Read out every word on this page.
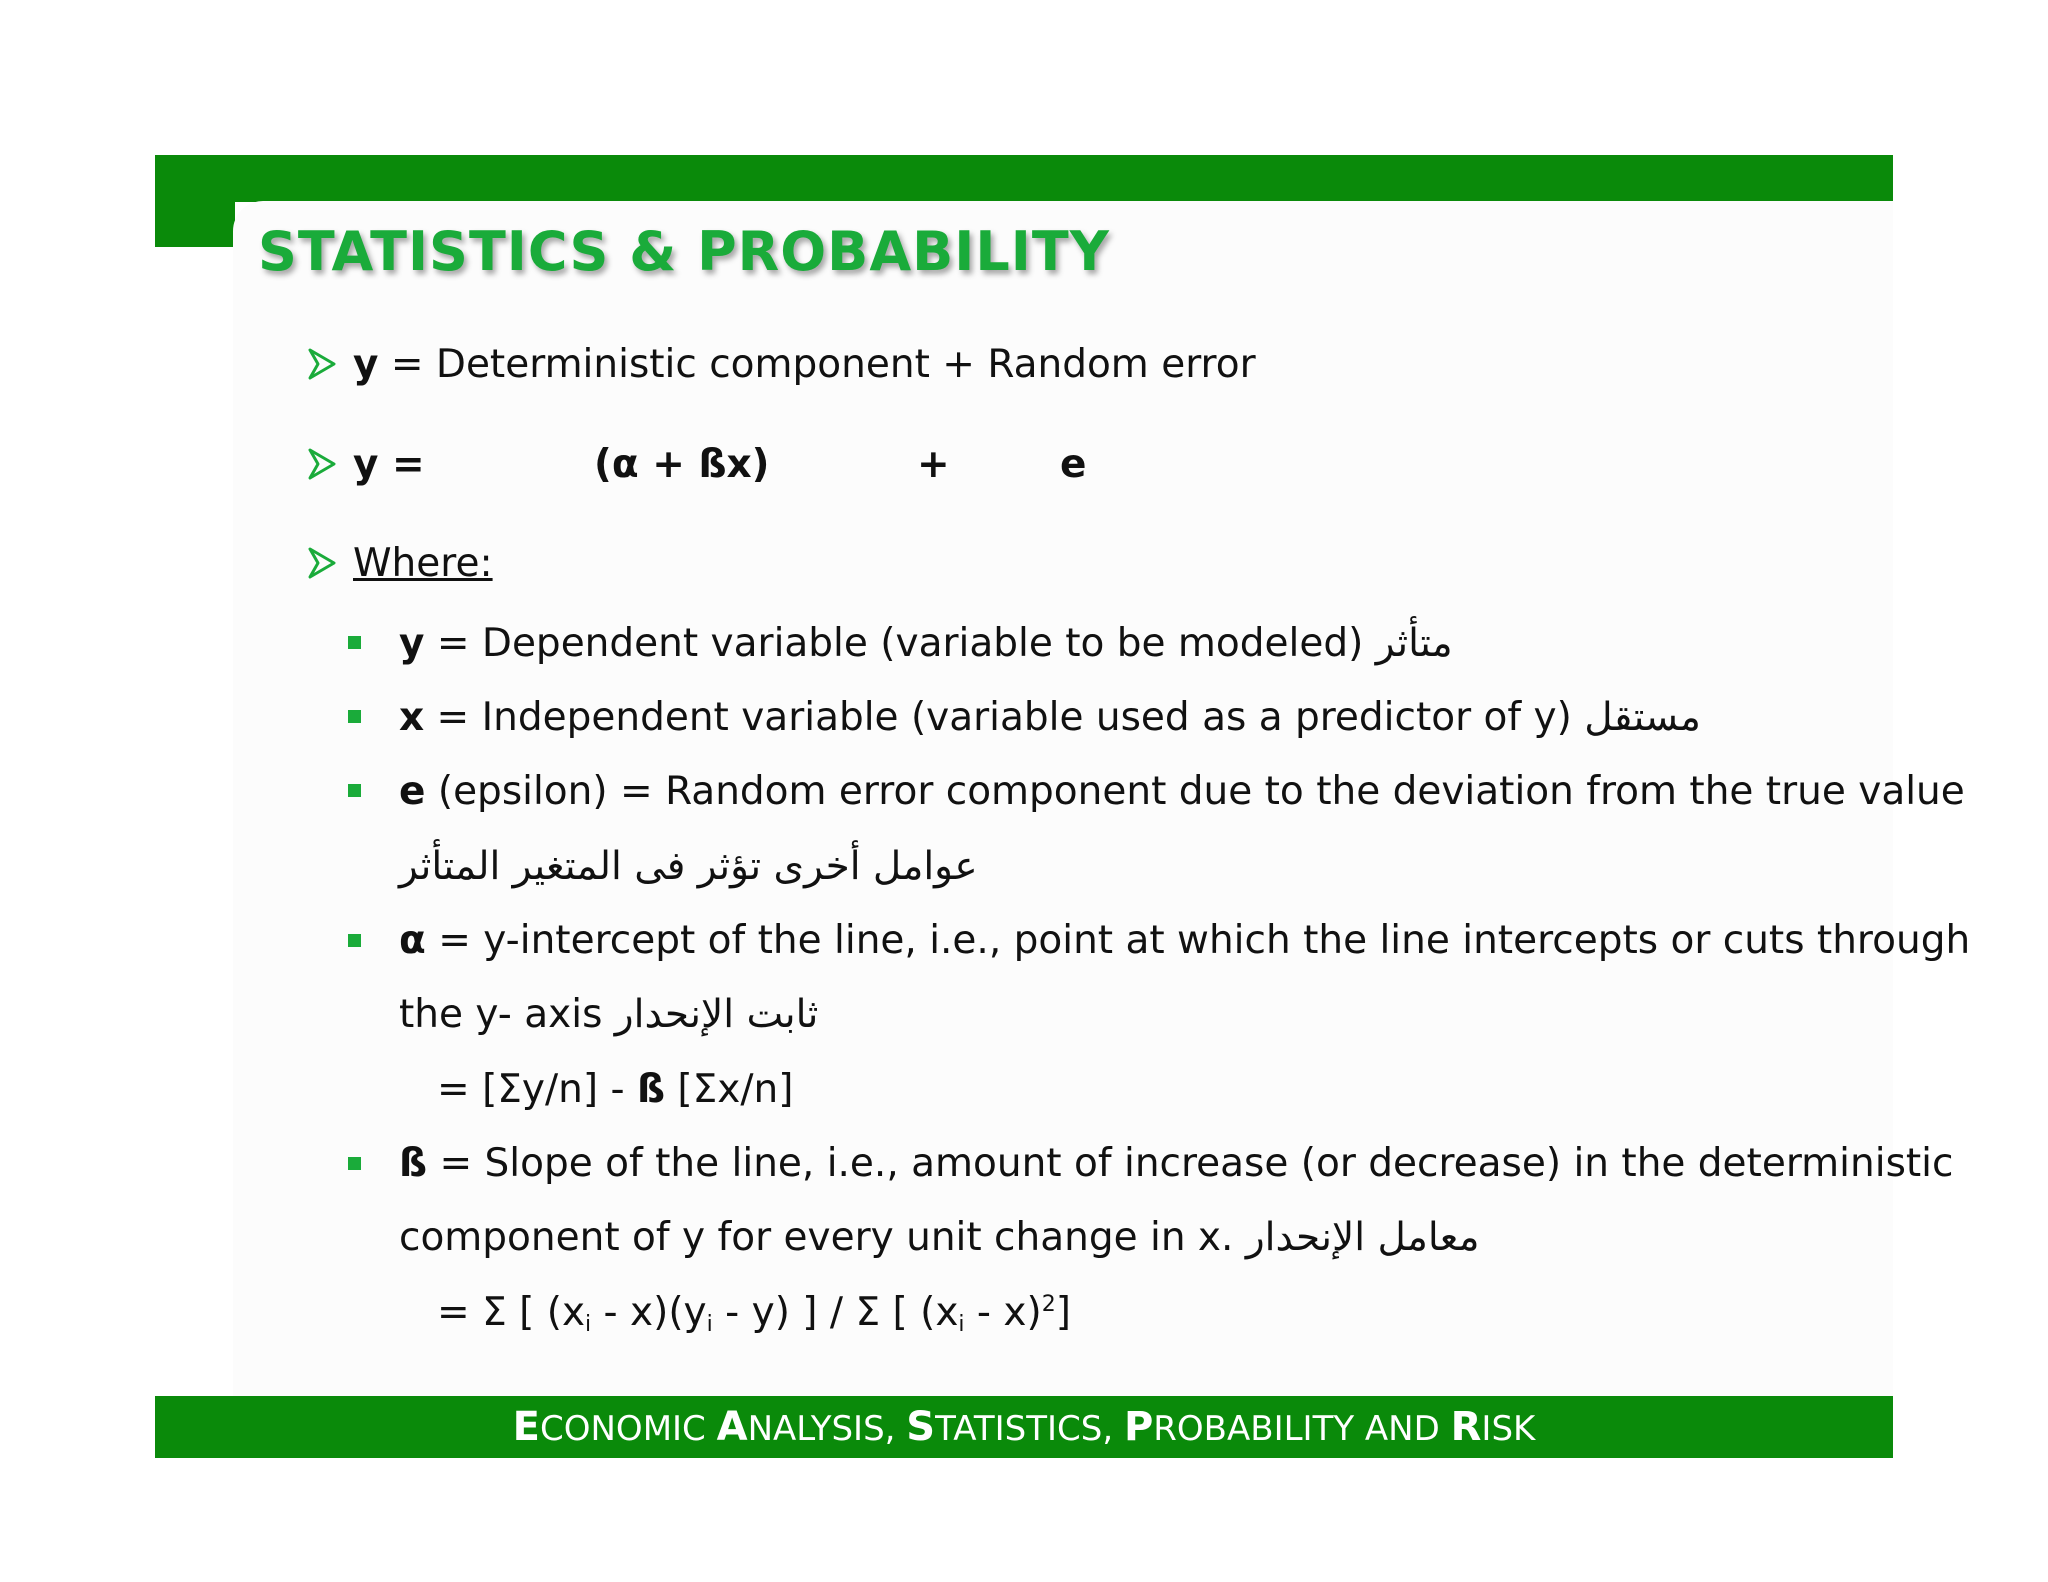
STATISTICS & PROBABILITY
y = Deterministic component + Random error
y =	(α + ßx)	+	e
Where:
y = Dependent variable (variable to be modeled) متأثر
x = Independent variable (variable used as a predictor of y) مستقل
e (epsilon) = Random error component due to the deviation from the true value
عوامل أخرى تؤثر فى المتغير المتأثر
α = y-intercept of the line, i.e., point at which the line intercepts or cuts through
the y- axis ثابت الإنحدار
= [Σy/n] - ß [Σx/n]
ß = Slope of the line, i.e., amount of increase (or decrease) in the deterministic
component of y for every unit change in x. معامل الإنحدار
= Σ [ $(x_i - x)(y_i - y)$ ] / Σ [ $(x_i - x)^2$]
ECONOMIC ANALYSIS, STATISTICS, PROBABILITY AND RISK
